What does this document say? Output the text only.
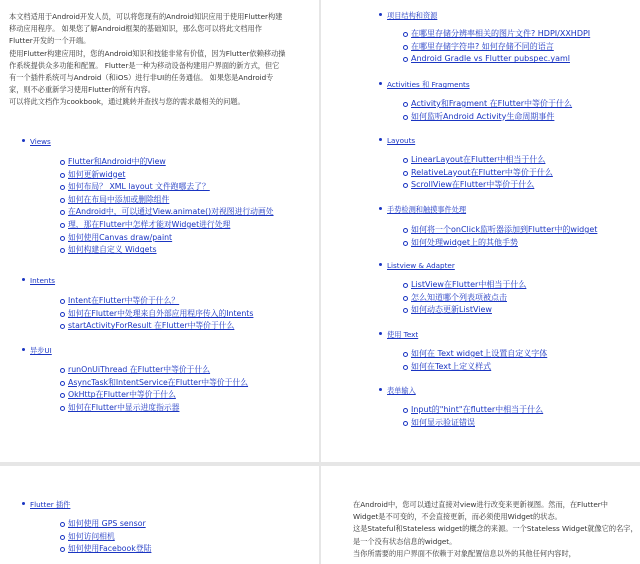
本文档适用于Android开发人员，可以将您现有的Android知识应用于使用Flutter构建

移动应用程序。 如果您了解Android框架的基础知识，那么您可以将此文档用作

Flutter开发的一个开端。

使用Flutter构建应用时，您的Android知识和技能非常有价值，因为Flutter依赖移动操

作系统提供众多功能和配置。 Flutter是一种为移动设备构建用户界面的新方式，但它

有一个插件系统可与Android（和iOS）进行非UI的任务通信。 如果您是Android专

家，则不必重新学习使用Flutter的所有内容。

可以将此文档作为cookbook，通过跳转并查找与您的需求最相关的问题。

Views
Flutter和Android中的View
如何更新widget
如何布局？ XML layout 文件跑哪去了？
如何在布局中添加或删除组件
在Android中，可以通过View.animate()对视图进行动画处
理，那在Flutter中怎样才能对Widget进行处理
如何使用Canvas draw/paint
如何构建自定义 Widgets
Intents
Intent在Flutter中等价于什么？
如何在Flutter中处理来自外部应用程序传入的Intents
startActivityForResult 在Flutter中等价于什么
异步UI
runOnUiThread 在Flutter中等价于什么
AsyncTask和IntentService在Flutter中等价于什么
OkHttp在Flutter中等价于什么
如何在Flutter中显示进度指示器
项目结构和资源
在哪里存储分辨率相关的图片文件? HDPI/XXHDPI
在哪里存储字符串? 如何存储不同的语言
Android Gradle vs Flutter pubspec.yaml
Activities 和 Fragments
Activity和Fragment 在Flutter中等价于什么
如何监听Android Activity生命周期事件
Layouts
LinearLayout在Flutter中相当于什么
RelativeLayout在Flutter中等价于什么
ScrollView在Flutter中等价于什么
手势检测和触摸事件处理
如何将一个onClick监听器添加到Flutter中的widget
如何处理widget上的其他手势
Listview & Adapter
ListView在Flutter中相当于什么
怎么知道哪个列表项被点击
如何动态更新ListView
使用 Text
如何在 Text widget上设置自定义字体
如何在Text上定义样式
表单输入
Input的"hint"在flutter中相当于什么
如何显示验证错误
Flutter 插件
如何使用 GPS sensor
如何访问相机
如何使用Facebook登陆

在Android中，您可以通过直接对view进行改变来更新视图。然而，在Flutter中

Widget是不可变的，不会直接更新，而必须使用Widget的状态。

这是Stateful和Stateless widget的概念的来源。一个Stateless Widget就像它的名字，

是一个没有状态信息的widget。

当你所需要的用户界面不依赖于对象配置信息以外的其他任何内容时，
